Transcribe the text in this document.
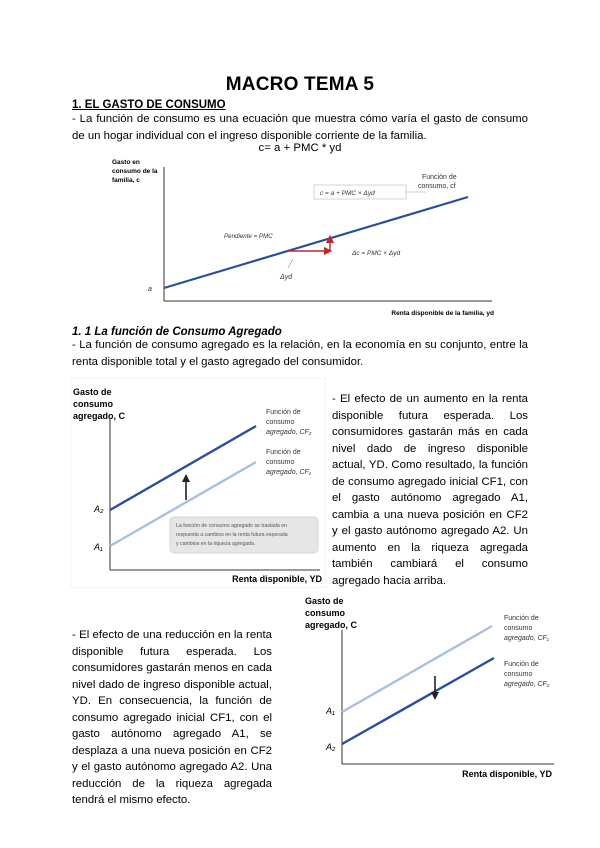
MACRO TEMA 5
1. EL GASTO DE CONSUMO
- La función de consumo es una ecuación que muestra cómo varía el gasto de consumo de un hogar individual con el ingreso disponible corriente de la familia.
c= a + PMC * yd
Gasto en
consumo de la
familia, c	Función de
consumo, cf
c = a + PMC × Δyd
Pendiente = PMC
Δc = PMC × Δyd
Δyd
a
Renta disponible de la familia, yd
1. 1 La función de Consumo Agregado
- La función de consumo agregado es la relación, en la economía en su conjunto, entre la renta disponible total y el gasto agregado del consumidor.
La función de consumo agregado se traslada en
respuesta a cambios en la renta futura esperada
y cambios en la riqueza agregada.
Gasto de
consumo
agregado, C	Función de
consumo
agregado, CF₂
Función de
consumo
agregado, CF₁
A₂
A₁
Renta disponible, YD
- El efecto de un aumento en la renta disponible futura esperada. Los consumidores gastarán más en cada nivel dado de ingreso disponible actual, YD. Como resultado, la función de consumo agregado inicial CF1, con el gasto autónomo agregado A1, cambia a una nueva posición en CF2 y el gasto autónomo agregado A2. Un aumento en la riqueza agregada también cambiará el consumo agregado hacia arriba.
- El efecto de una reducción en la renta disponible futura esperada. Los consumidores gastarán menos en cada nivel dado de ingreso disponible actual, YD. En consecuencia, la función de consumo agregado inicial CF1, con el gasto autónomo agregado A1, se desplaza a una nueva posición en CF2 y el gasto autónomo agregado A2. Una reducción de la riqueza agregada tendrá el mismo efecto.
Gasto de
consumo
agregado, C
Función de
consumo
agregado, CF₁
Función de
consumo
agregado, CF₂
A₁
A₂
Renta disponible, YD
